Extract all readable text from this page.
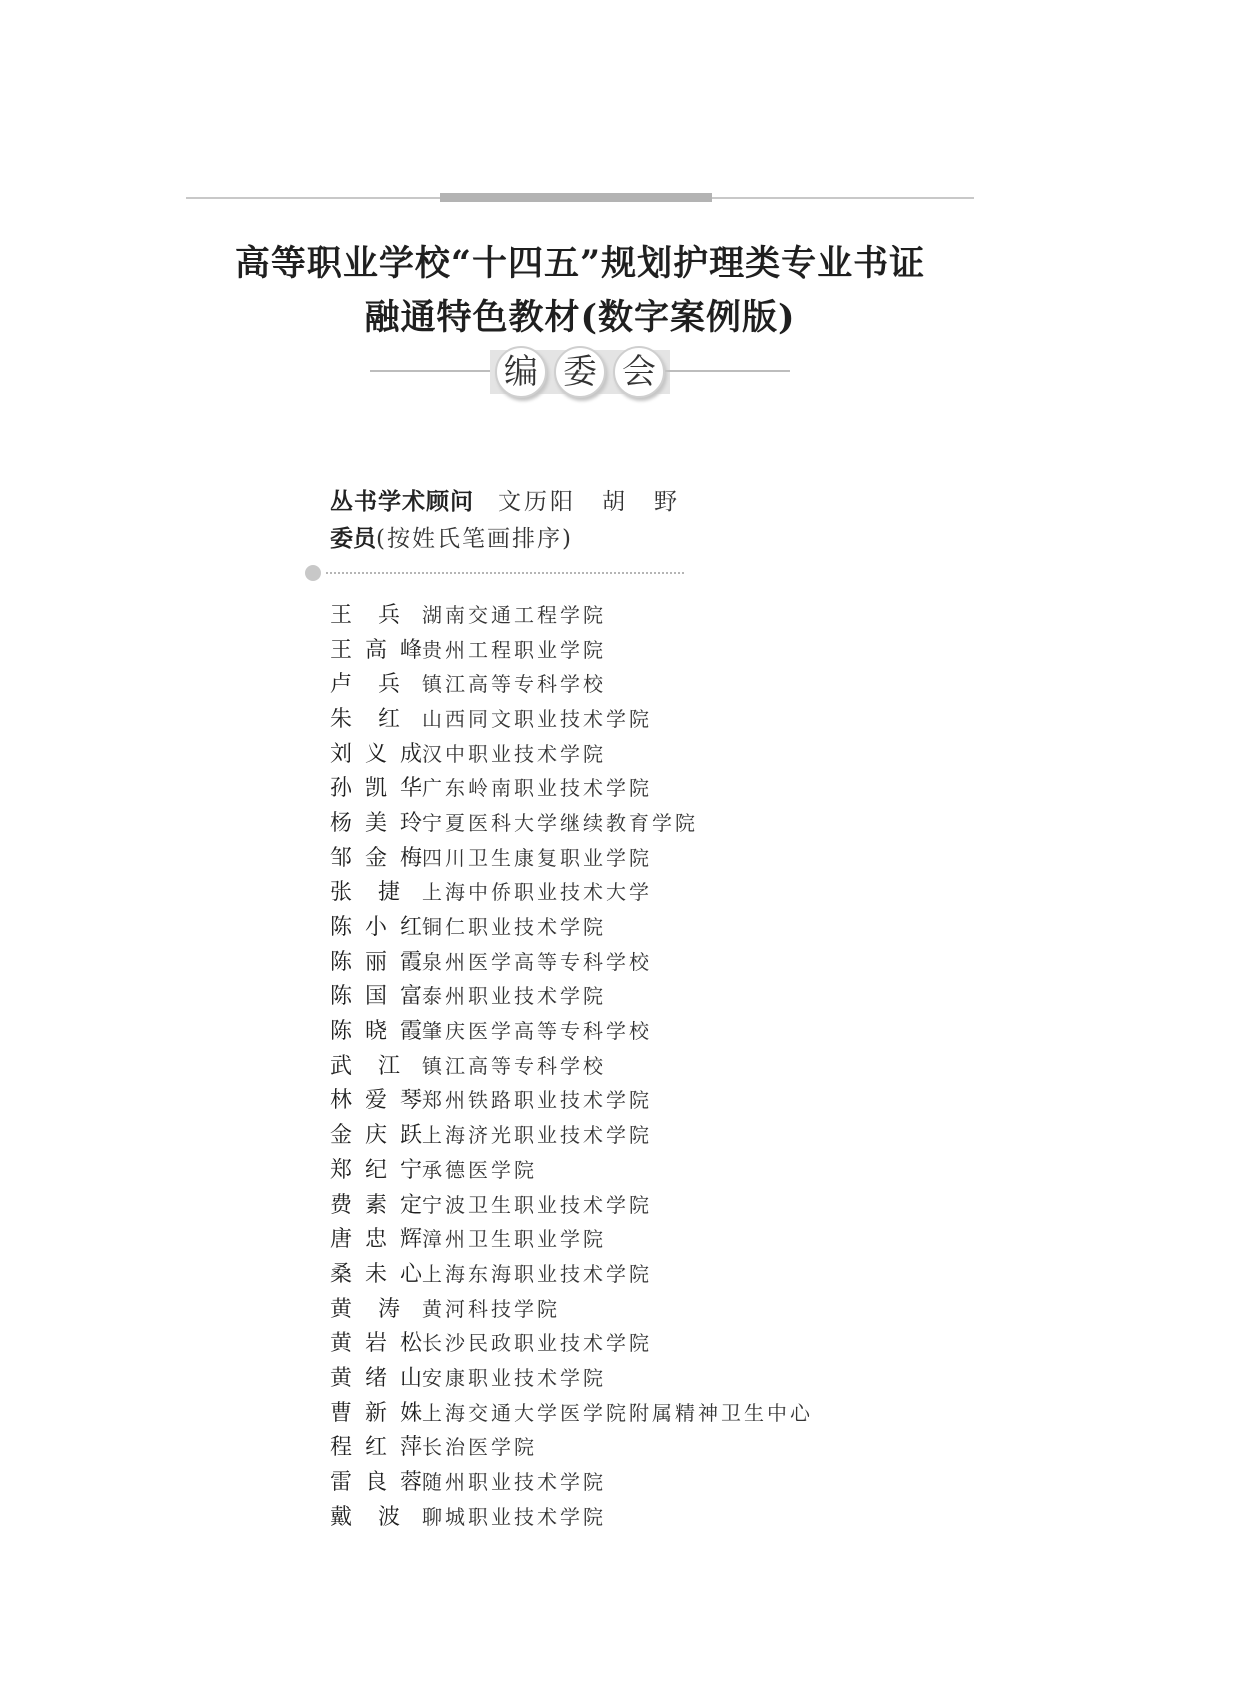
高等职业学校“十四五”规划护理类专业书证
融通特色教材(数字案例版)
编 委 会
丛书学术顾问 文历阳　胡　野
委员(按姓氏笔画排序)
王兵 湖南交通工程学院
王高峰 贵州工程职业学院
卢兵 镇江高等专科学校
朱红 山西同文职业技术学院
刘义成 汉中职业技术学院
孙凯华 广东岭南职业技术学院
杨美玲 宁夏医科大学继续教育学院
邹金梅 四川卫生康复职业学院
张捷 上海中侨职业技术大学
陈小红 铜仁职业技术学院
陈丽霞 泉州医学高等专科学校
陈国富 泰州职业技术学院
陈晓霞 肇庆医学高等专科学校
武江 镇江高等专科学校
林爱琴 郑州铁路职业技术学院
金庆跃 上海济光职业技术学院
郑纪宁 承德医学院
费素定 宁波卫生职业技术学院
唐忠辉 漳州卫生职业学院
桑未心 上海东海职业技术学院
黄涛 黄河科技学院
黄岩松 长沙民政职业技术学院
黄绪山 安康职业技术学院
曹新姝 上海交通大学医学院附属精神卫生中心
程红萍 长治医学院
雷良蓉 随州职业技术学院
戴波 聊城职业技术学院
